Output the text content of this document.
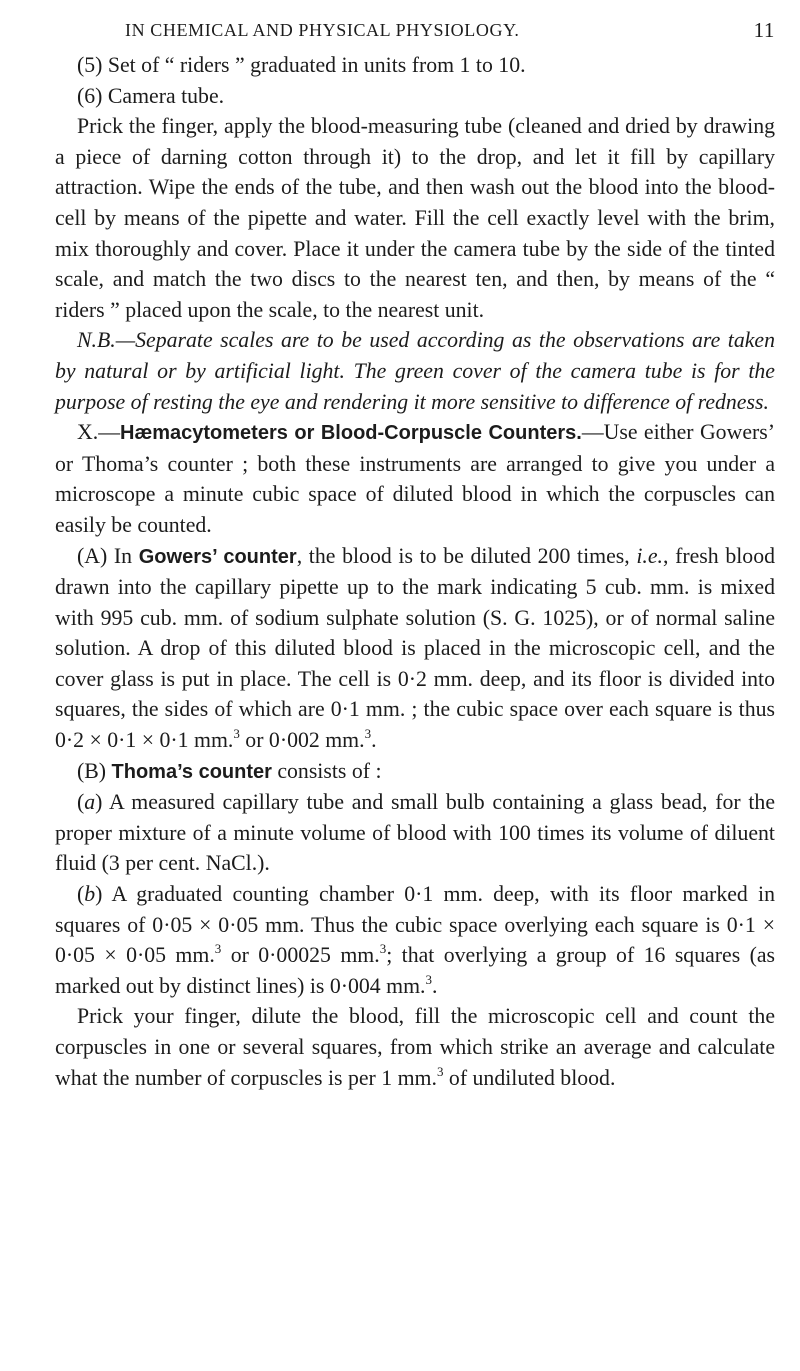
IN CHEMICAL AND PHYSICAL PHYSIOLOGY.	11

(5) Set of “ riders ” graduated in units from 1 to 10.

(6) Camera tube.

Prick the finger, apply the blood-measuring tube (cleaned and dried by drawing a piece of darning cotton through it) to the drop, and let it fill by capillary attraction. Wipe the ends of the tube, and then wash out the blood into the blood-cell by means of the pipette and water. Fill the cell exactly level with the brim, mix thoroughly and cover. Place it under the camera tube by the side of the tinted scale, and match the two discs to the nearest ten, and then, by means of the “ riders ” placed upon the scale, to the nearest unit.

N.B.—Separate scales are to be used according as the observations are taken by natural or by artificial light. The green cover of the camera tube is for the purpose of resting the eye and rendering it more sensitive to difference of redness.

X.—Hæmacytometers or Blood-Corpuscle Counters.—Use either Gowers’ or Thoma’s counter ; both these instruments are arranged to give you under a microscope a minute cubic space of diluted blood in which the corpuscles can easily be counted.

(A) In Gowers’ counter, the blood is to be diluted 200 times, i.e., fresh blood drawn into the capillary pipette up to the mark indicating 5 cub. mm. is mixed with 995 cub. mm. of sodium sulphate solution (S. G. 1025), or of normal saline solution. A drop of this diluted blood is placed in the microscopic cell, and the cover glass is put in place. The cell is 0·2 mm. deep, and its floor is divided into squares, the sides of which are 0·1 mm. ; the cubic space over each square is thus 0·2 × 0·1 × 0·1 mm.$^3$ or 0·002 mm.$^3$.

(B) Thoma’s counter consists of :

(a) A measured capillary tube and small bulb containing a glass bead, for the proper mixture of a minute volume of blood with 100 times its volume of diluent fluid (3 per cent. NaCl.).

(b) A graduated counting chamber 0·1 mm. deep, with its floor marked in squares of 0·05 × 0·05 mm. Thus the cubic space overlying each square is 0·1 × 0·05 × 0·05 mm.$^3$ or 0·00025 mm.$^3$; that overlying a group of 16 squares (as marked out by distinct lines) is 0·004 mm.$^3$.

Prick your finger, dilute the blood, fill the microscopic cell and count the corpuscles in one or several squares, from which strike an average and calculate what the number of corpuscles is per 1 mm.$^3$ of undiluted blood.
